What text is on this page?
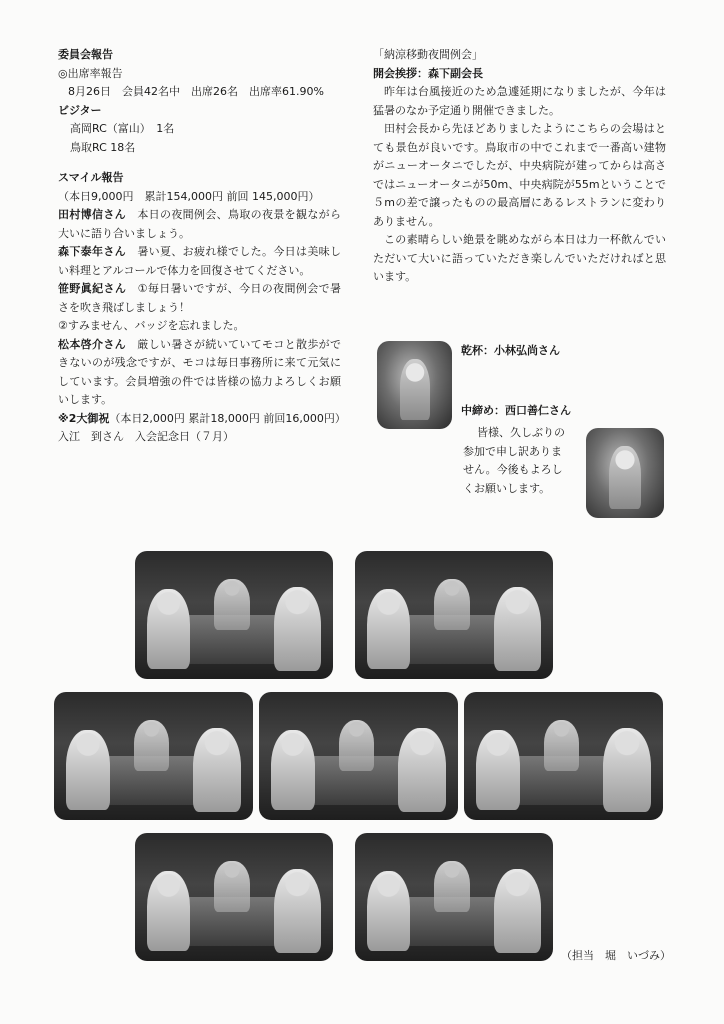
委員会報告
◎出席率報告
8月26日　会員42名中　出席26名　出席率61.90%
ビジター
高岡RC（富山）　1名
鳥取RC 18名
スマイル報告
（本日9,000円　累計154,000円 前回 145,000円）
田村博信さん　本日の夜間例会、鳥取の夜景を観ながら大いに語り合いましょう。
森下泰年さん　暑い夏、お疲れ様でした。今日は美味しい料理とアルコールで体力を回復させてください。
笹野眞紀さん　①毎日暑いですが、今日の夜間例会で暑さを吹き飛ばしましょう！
②すみません、バッジを忘れました。
松本啓介さん　厳しい暑さが続いていてモコと散歩ができないのが残念ですが、モコは毎日事務所に来て元気にしています。会員増強の件では皆様の協力よろしくお願いします。
※2大御祝（本日2,000円 累計18,000円 前回16,000円）
入江　到さん　入会記念日（７月）
「納涼移動夜間例会」
開会挨拶：森下副会長
昨年は台風接近のため急遽延期になりましたが、今年は猛暑のなか予定通り開催できました。
田村会長から先ほどありましたようにこちらの会場はとても景色が良いです。鳥取市の中でこれまで一番高い建物がニューオータニでしたが、中央病院が建ってからは高さではニューオータニが50m、中央病院が55mということで５mの差で譲ったものの最高層にあるレストランに変わりありません。
この素晴らしい絶景を眺めながら本日は力一杯飲んでいただいて大いに語っていただき楽しんでいただければと思います。
乾杯：小林弘尚さん
中締め：西口善仁さん
皆様、久しぶりの
参加で申し訳ありま
せん。今後もよろし
くお願いします。
（担当　堀　いづみ）
